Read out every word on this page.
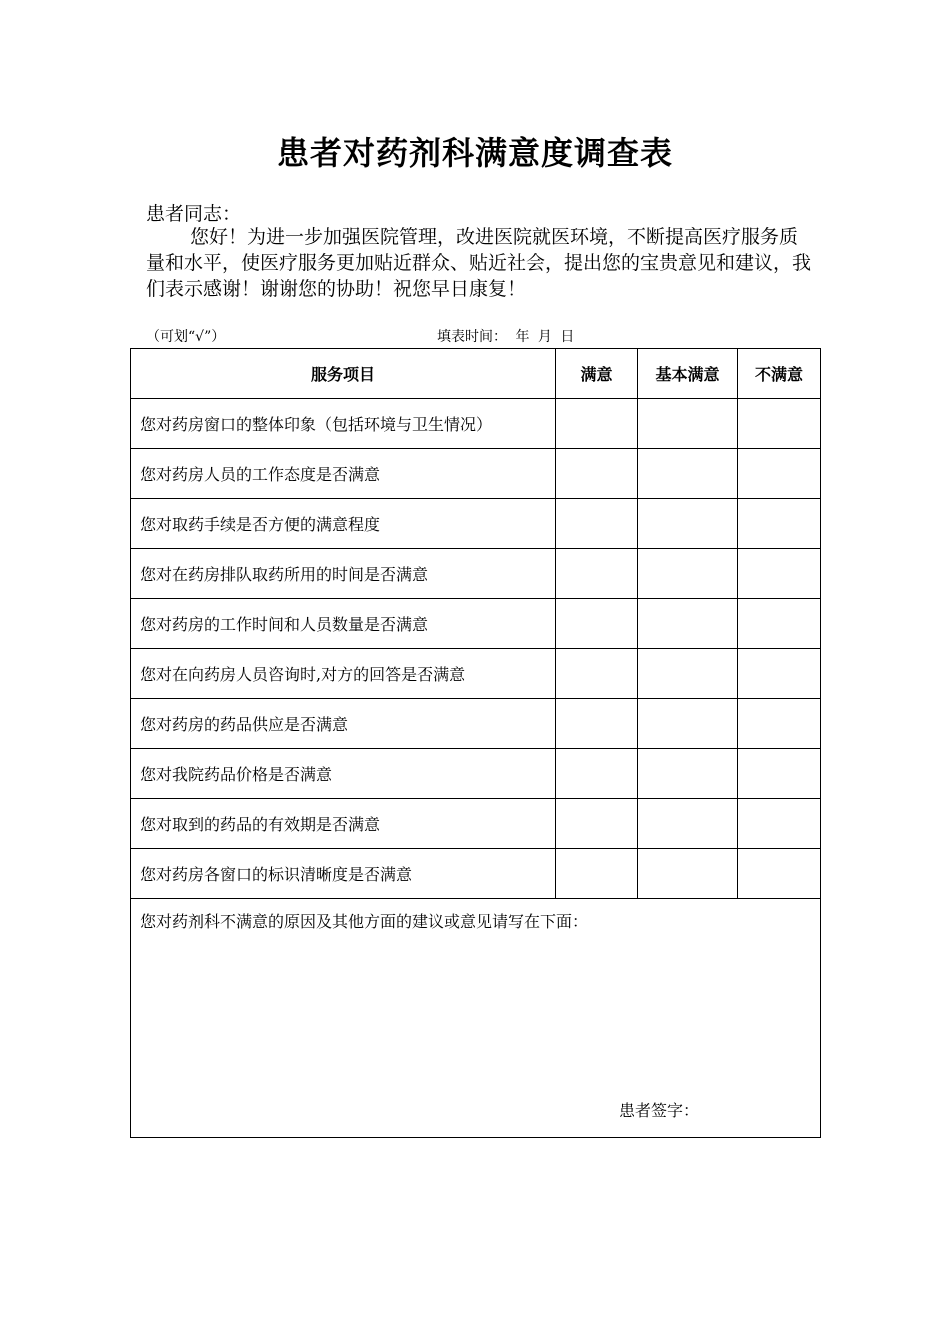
患者对药剂科满意度调查表
患者同志：
您好！为进一步加强医院管理，改进医院就医环境，不断提高医疗服务质量和水平，使医疗服务更加贴近群众、贴近社会，提出您的宝贵意见和建议，我们表示感谢！谢谢您的协助！祝您早日康复！
（可划“√”）	填表时间： 年 月 日
服务项目	满意	基本满意	不满意
您对药房窗口的整体印象（包括环境与卫生情况）			
您对药房人员的工作态度是否满意			
您对取药手续是否方便的满意程度			
您对在药房排队取药所用的时间是否满意			
您对药房的工作时间和人员数量是否满意			
您对在向药房人员咨询时,对方的回答是否满意			
您对药房的药品供应是否满意			
您对我院药品价格是否满意			
您对取到的药品的有效期是否满意			
您对药房各窗口的标识清晰度是否满意			

您对药剂科不满意的原因及其他方面的建议或意见请写在下面：
患者签字：			
